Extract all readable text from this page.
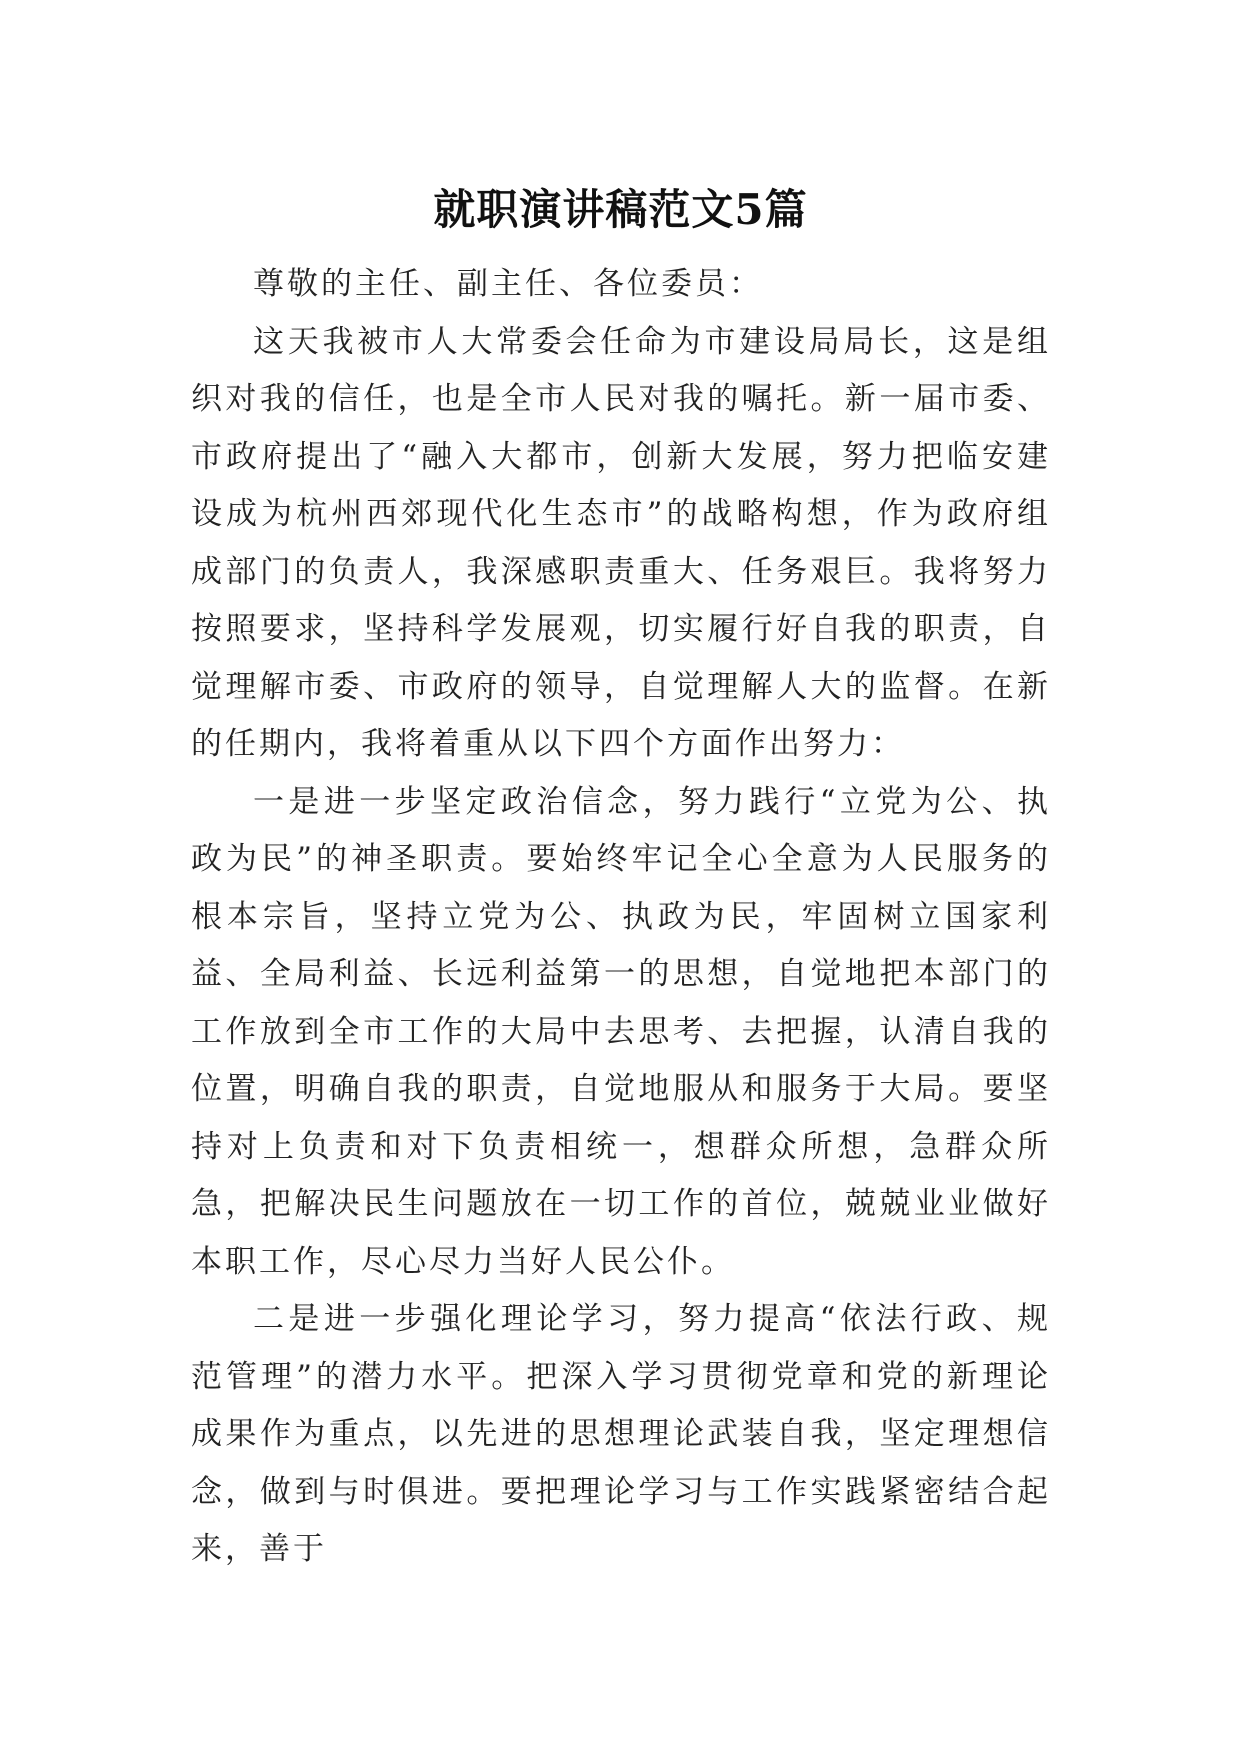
就职演讲稿范文5篇

尊敬的主任、副主任、各位委员：

这天我被市人大常委会任命为市建设局局长，这是组织对我的信任，也是全市人民对我的嘱托。新一届市委、市政府提出了“融入大都市，创新大发展，努力把临安建设成为杭州西郊现代化生态市”的战略构想，作为政府组成部门的负责人，我深感职责重大、任务艰巨。我将努力按照要求，坚持科学发展观，切实履行好自我的职责，自觉理解市委、市政府的领导，自觉理解人大的监督。在新的任期内，我将着重从以下四个方面作出努力：

一是进一步坚定政治信念，努力践行“立党为公、执政为民”的神圣职责。要始终牢记全心全意为人民服务的根本宗旨，坚持立党为公、执政为民，牢固树立国家利益、全局利益、长远利益第一的思想，自觉地把本部门的工作放到全市工作的大局中去思考、去把握，认清自我的位置，明确自我的职责，自觉地服从和服务于大局。要坚持对上负责和对下负责相统一，想群众所想，急群众所急，把解决民生问题放在一切工作的首位，兢兢业业做好本职工作，尽心尽力当好人民公仆。

二是进一步强化理论学习，努力提高“依法行政、规范管理”的潜力水平。把深入学习贯彻党章和党的新理论成果作为重点，以先进的思想理论武装自我，坚定理想信念，做到与时俱进。要把理论学习与工作实践紧密结合起来，善于
